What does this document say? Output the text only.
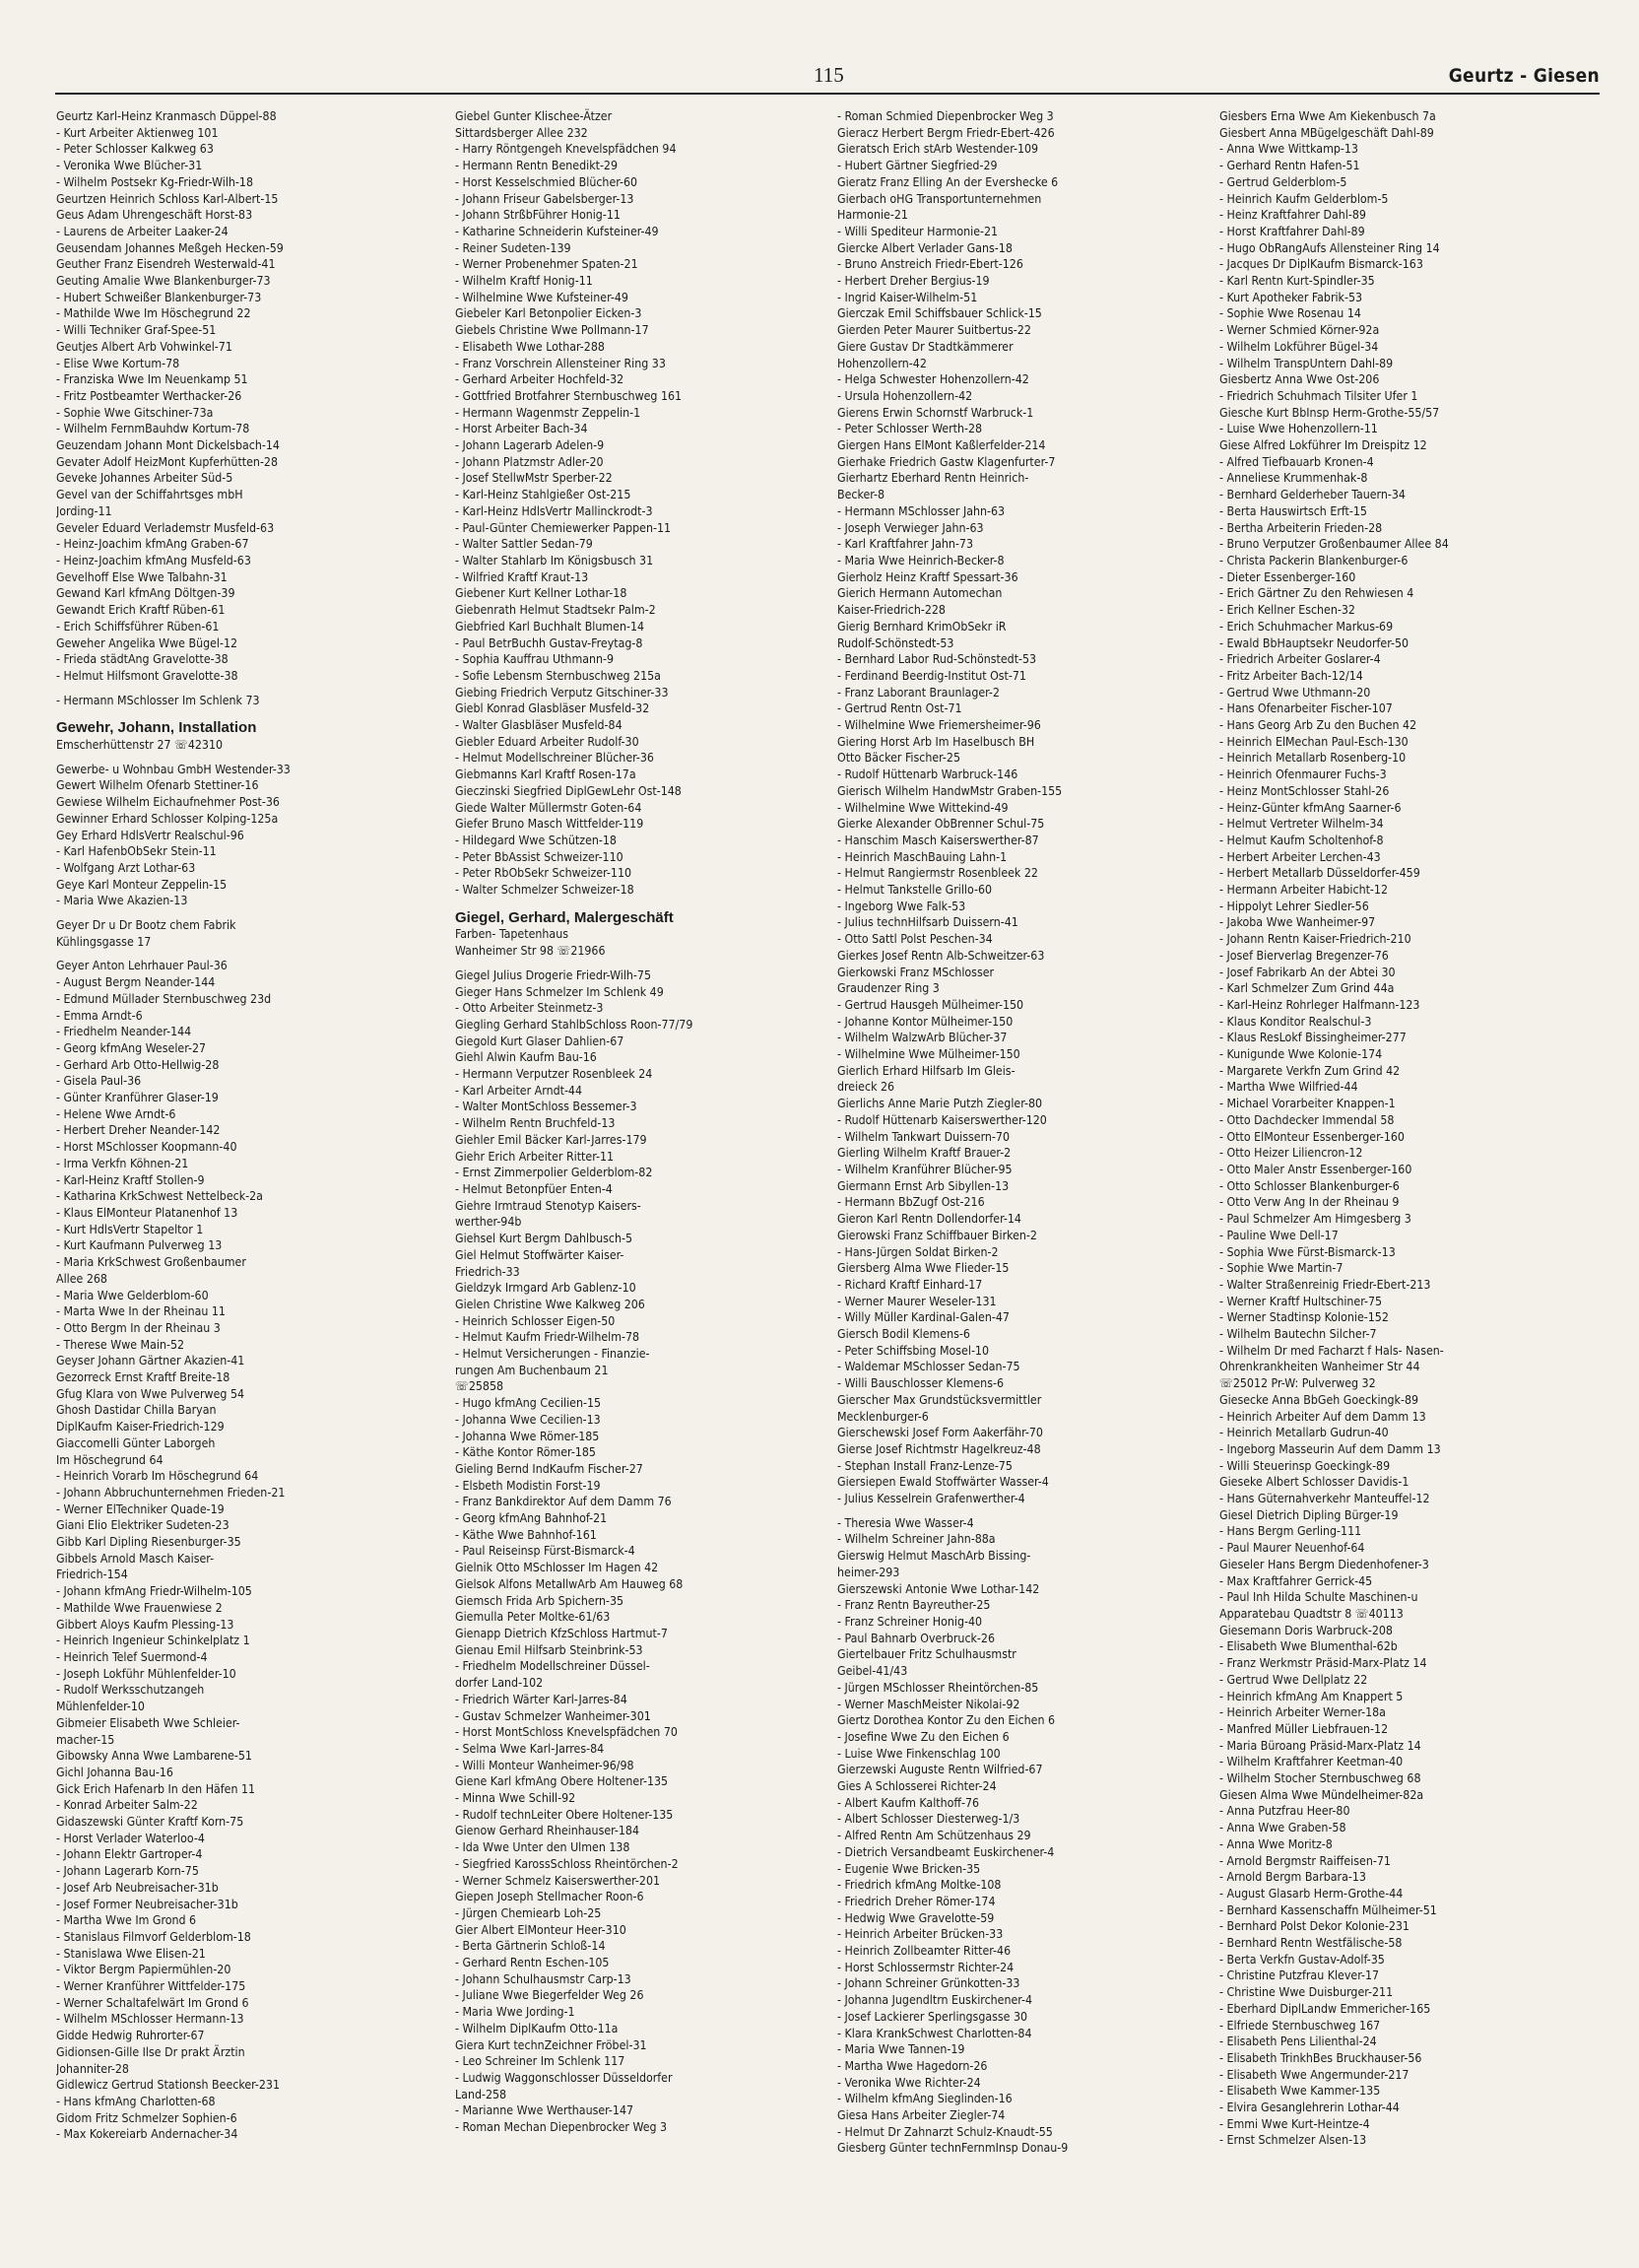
115	Geurtz - Giesen
Geurtz Karl-Heinz Kranmasch Düppel-88
- Kurt Arbeiter Aktienweg 101
- Peter Schlosser Kalkweg 63
- Veronika Wwe Blücher-31
- Wilhelm Postsekr Kg-Friedr-Wilh-18
Geurtzen Heinrich Schloss Karl-Albert-15
Geus Adam Uhrengeschäft Horst-83
- Laurens de Arbeiter Laaker-24
Geusendam Johannes Meßgeh Hecken-59
Geuther Franz Eisendreh Westerwald-41
Geuting Amalie Wwe Blankenburger-73
- Hubert Schweißer Blankenburger-73
- Mathilde Wwe Im Höschegrund 22
- Willi Techniker Graf-Spee-51
Geutjes Albert Arb Vohwinkel-71
- Elise Wwe Kortum-78
- Franziska Wwe Im Neuenkamp 51
- Fritz Postbeamter Werthacker-26
- Sophie Wwe Gitschiner-73a
- Wilhelm FernmBauhdw Kortum-78
Geuzendam Johann Mont Dickelsbach-14
Gevater Adolf HeizMont Kupferhütten-28
Geveke Johannes Arbeiter Süd-5
Gevel van der Schiffahrtsges mbH
Jording-11
Geveler Eduard Verlademstr Musfeld-63
- Heinz-Joachim kfmAng Graben-67
- Heinz-Joachim kfmAng Musfeld-63
Gevelhoff Else Wwe Talbahn-31
Gewand Karl kfmAng Döltgen-39
Gewandt Erich Kraftf Rüben-61
- Erich Schiffsführer Rüben-61
Geweher Angelika Wwe Bügel-12
- Frieda städtAng Gravelotte-38
- Helmut Hilfsmont Gravelotte-38
- Hermann MSchlosser Im Schlenk 73
Gewehr, Johann, Installation
Emscherhüttenstr 27 ☏42310
Gewerbe- u Wohnbau GmbH Westender-33
Gewert Wilhelm Ofenarb Stettiner-16
Gewiese Wilhelm Eichaufnehmer Post-36
Gewinner Erhard Schlosser Kolping-125a
Gey Erhard HdlsVertr Realschul-96
- Karl HafenbObSekr Stein-11
- Wolfgang Arzt Lothar-63
Geye Karl Monteur Zeppelin-15
- Maria Wwe Akazien-13
Geyer Dr u Dr Bootz chem Fabrik
Kühlingsgasse 17
Geyer Anton Lehrhauer Paul-36
- August Bergm Neander-144
- Edmund Müllader Sternbuschweg 23d
- Emma Arndt-6
- Friedhelm Neander-144
- Georg kfmAng Weseler-27
- Gerhard Arb Otto-Hellwig-28
- Gisela Paul-36
- Günter Kranführer Glaser-19
- Helene Wwe Arndt-6
- Herbert Dreher Neander-142
- Horst MSchlosser Koopmann-40
- Irma Verkfn Köhnen-21
- Karl-Heinz Kraftf Stollen-9
- Katharina KrkSchwest Nettelbeck-2a
- Klaus ElMonteur Platanenhof 13
- Kurt HdlsVertr Stapeltor 1
- Kurt Kaufmann Pulverweg 13
- Maria KrkSchwest Großenbaumer
Allee 268
- Maria Wwe Gelderblom-60
- Marta Wwe In der Rheinau 11
- Otto Bergm In der Rheinau 3
- Therese Wwe Main-52
Geyser Johann Gärtner Akazien-41
Gezorreck Ernst Kraftf Breite-18
Gfug Klara von Wwe Pulverweg 54
Ghosh Dastidar Chilla Baryan
DiplKaufm Kaiser-Friedrich-129
Giaccomelli Günter Laborgeh
Im Höschegrund 64
- Heinrich Vorarb Im Höschegrund 64
- Johann Abbruchunternehmen Frieden-21
- Werner ElTechniker Quade-19
Giani Elio Elektriker Sudeten-23
Gibb Karl Dipling Riesenburger-35
Gibbels Arnold Masch Kaiser-
Friedrich-154
- Johann kfmAng Friedr-Wilhelm-105
- Mathilde Wwe Frauenwiese 2
Gibbert Aloys Kaufm Plessing-13
- Heinrich Ingenieur Schinkelplatz 1
- Heinrich Telef Suermond-4
- Joseph Lokführ Mühlenfelder-10
- Rudolf Werksschutzangeh
Mühlenfelder-10
Gibmeier Elisabeth Wwe Schleier-
macher-15
Gibowsky Anna Wwe Lambarene-51
Gichl Johanna Bau-16
Gick Erich Hafenarb In den Häfen 11
- Konrad Arbeiter Salm-22
Gidaszewski Günter Kraftf Korn-75
- Horst Verlader Waterloo-4
- Johann Elektr Gartroper-4
- Johann Lagerarb Korn-75
- Josef Arb Neubreisacher-31b
- Josef Former Neubreisacher-31b
- Martha Wwe Im Grond 6
- Stanislaus Filmvorf Gelderblom-18
- Stanislawa Wwe Elisen-21
- Viktor Bergm Papiermühlen-20
- Werner Kranführer Wittfelder-175
- Werner Schaltafelwärt Im Grond 6
- Wilhelm MSchlosser Hermann-13
Gidde Hedwig Ruhrorter-67
Gidionsen-Gille Ilse Dr prakt Ärztin
Johanniter-28
Gidlewicz Gertrud Stationsh Beecker-231
- Hans kfmAng Charlotten-68
Gidom Fritz Schmelzer Sophien-6
- Max Kokereiarb Andernacher-34
Giebel Gunter Klischee-Ätzer
Sittardsberger Allee 232
- Harry Röntgengeh Knevelspfädchen 94
- Hermann Rentn Benedikt-29
- Horst Kesselschmied Blücher-60
- Johann Friseur Gabelsberger-13
- Johann StrßbFührer Honig-11
- Katharine Schneiderin Kufsteiner-49
- Reiner Sudeten-139
- Werner Probenehmer Spaten-21
- Wilhelm Kraftf Honig-11
- Wilhelmine Wwe Kufsteiner-49
Giebeler Karl Betonpolier Eicken-3
Giebels Christine Wwe Pollmann-17
- Elisabeth Wwe Lothar-288
- Franz Vorschrein Allensteiner Ring 33
- Gerhard Arbeiter Hochfeld-32
- Gottfried Brotfahrer Sternbuschweg 161
- Hermann Wagenmstr Zeppelin-1
- Horst Arbeiter Bach-34
- Johann Lagerarb Adelen-9
- Johann Platzmstr Adler-20
- Josef StellwMstr Sperber-22
- Karl-Heinz Stahlgießer Ost-215
- Karl-Heinz HdlsVertr Mallinckrodt-3
- Paul-Günter Chemiewerker Pappen-11
- Walter Sattler Sedan-79
- Walter Stahlarb Im Königsbusch 31
- Wilfried Kraftf Kraut-13
Giebener Kurt Kellner Lothar-18
Giebenrath Helmut Stadtsekr Palm-2
Giebfried Karl Buchhalt Blumen-14
- Paul BetrBuchh Gustav-Freytag-8
- Sophia Kauffrau Uthmann-9
- Sofie Lebensm Sternbuschweg 215a
Giebing Friedrich Verputz Gitschiner-33
Giebl Konrad Glasbläser Musfeld-32
- Walter Glasbläser Musfeld-84
Giebler Eduard Arbeiter Rudolf-30
- Helmut Modellschreiner Blücher-36
Giebmanns Karl Kraftf Rosen-17a
Gieczinski Siegfried DiplGewLehr Ost-148
Giede Walter Müllermstr Goten-64
Giefer Bruno Masch Wittfelder-119
- Hildegard Wwe Schützen-18
- Peter BbAssist Schweizer-110
- Peter RbObSekr Schweizer-110
- Walter Schmelzer Schweizer-18
Giegel, Gerhard, Malergeschäft
Farben- Tapetenhaus
Wanheimer Str 98 ☏21966
Giegel Julius Drogerie Friedr-Wilh-75
Gieger Hans Schmelzer Im Schlenk 49
- Otto Arbeiter Steinmetz-3
Giegling Gerhard StahlbSchloss Roon-77/79
Giegold Kurt Glaser Dahlien-67
Giehl Alwin Kaufm Bau-16
- Hermann Verputzer Rosenbleek 24
- Karl Arbeiter Arndt-44
- Walter MontSchloss Bessemer-3
- Wilhelm Rentn Bruchfeld-13
Giehler Emil Bäcker Karl-Jarres-179
Giehr Erich Arbeiter Ritter-11
- Ernst Zimmerpolier Gelderblom-82
- Helmut Betonpfüer Enten-4
Giehre Irmtraud Stenotyp Kaisers-
werther-94b
Giehsel Kurt Bergm Dahlbusch-5
Giel Helmut Stoffwärter Kaiser-
Friedrich-33
Gieldzyk Irmgard Arb Gablenz-10
Gielen Christine Wwe Kalkweg 206
- Heinrich Schlosser Eigen-50
- Helmut Kaufm Friedr-Wilhelm-78
- Helmut Versicherungen - Finanzie-
rungen Am Buchenbaum 21
☏25858
- Hugo kfmAng Cecilien-15
- Johanna Wwe Cecilien-13
- Johanna Wwe Römer-185
- Käthe Kontor Römer-185
Gieling Bernd IndKaufm Fischer-27
- Elsbeth Modistin Forst-19
- Franz Bankdirektor Auf dem Damm 76
- Georg kfmAng Bahnhof-21
- Käthe Wwe Bahnhof-161
- Paul Reiseinsp Fürst-Bismarck-4
Gielnik Otto MSchlosser Im Hagen 42
Gielsok Alfons MetallwArb Am Hauweg 68
Giemsch Frida Arb Spichern-35
Giemulla Peter Moltke-61/63
Gienapp Dietrich KfzSchloss Hartmut-7
Gienau Emil Hilfsarb Steinbrink-53
- Friedhelm Modellschreiner Düssel-
dorfer Land-102
- Friedrich Wärter Karl-Jarres-84
- Gustav Schmelzer Wanheimer-301
- Horst MontSchloss Knevelspfädchen 70
- Selma Wwe Karl-Jarres-84
- Willi Monteur Wanheimer-96/98
Giene Karl kfmAng Obere Holtener-135
- Minna Wwe Schill-92
- Rudolf technLeiter Obere Holtener-135
Gienow Gerhard Rheinhauser-184
- Ida Wwe Unter den Ulmen 138
- Siegfried KarossSchloss Rheintörchen-2
- Werner Schmelz Kaiserswerther-201
Giepen Joseph Stellmacher Roon-6
- Jürgen Chemiearb Loh-25
Gier Albert ElMonteur Heer-310
- Berta Gärtnerin Schloß-14
- Gerhard Rentn Eschen-105
- Johann Schulhausmstr Carp-13
- Juliane Wwe Biegerfelder Weg 26
- Maria Wwe Jording-1
- Wilhelm DiplKaufm Otto-11a
Giera Kurt technZeichner Fröbel-31
- Leo Schreiner Im Schlenk 117
- Ludwig Waggonschlosser Düsseldorfer
Land-258
- Marianne Wwe Werthauser-147
- Roman Mechan Diepenbrocker Weg 3
- Roman Schmied Diepenbrocker Weg 3
Gieracz Herbert Bergm Friedr-Ebert-426
Gieratsch Erich stArb Westender-109
- Hubert Gärtner Siegfried-29
Gieratz Franz Elling An der Evershecke 6
Gierbach oHG Transportunternehmen
Harmonie-21
- Willi Spediteur Harmonie-21
Giercke Albert Verlader Gans-18
- Bruno Anstreich Friedr-Ebert-126
- Herbert Dreher Bergius-19
- Ingrid Kaiser-Wilhelm-51
Gierczak Emil Schiffsbauer Schlick-15
Gierden Peter Maurer Suitbertus-22
Giere Gustav Dr Stadtkämmerer
Hohenzollern-42
- Helga Schwester Hohenzollern-42
- Ursula Hohenzollern-42
Gierens Erwin Schornstf Warbruck-1
- Peter Schlosser Werth-28
Giergen Hans ElMont Kaßlerfelder-214
Gierhake Friedrich Gastw Klagenfurter-7
Gierhartz Eberhard Rentn Heinrich-
Becker-8
- Hermann MSchlosser Jahn-63
- Joseph Verwieger Jahn-63
- Karl Kraftfahrer Jahn-73
- Maria Wwe Heinrich-Becker-8
Gierholz Heinz Kraftf Spessart-36
Gierich Hermann Automechan
Kaiser-Friedrich-228
Gierig Bernhard KrimObSekr iR
Rudolf-Schönstedt-53
- Bernhard Labor Rud-Schönstedt-53
- Ferdinand Beerdig-Institut Ost-71
- Franz Laborant Braunlager-2
- Gertrud Rentn Ost-71
- Wilhelmine Wwe Friemersheimer-96
Giering Horst Arb Im Haselbusch BH
Otto Bäcker Fischer-25
- Rudolf Hüttenarb Warbruck-146
Gierisch Wilhelm HandwMstr Graben-155
- Wilhelmine Wwe Wittekind-49
Gierke Alexander ObBrenner Schul-75
- Hanschim Masch Kaiserswerther-87
- Heinrich MaschBauing Lahn-1
- Helmut Rangiermstr Rosenbleek 22
- Helmut Tankstelle Grillo-60
- Ingeborg Wwe Falk-53
- Julius technHilfsarb Duissern-41
- Otto Sattl Polst Peschen-34
Gierkes Josef Rentn Alb-Schweitzer-63
Gierkowski Franz MSchlosser
Graudenzer Ring 3
- Gertrud Hausgeh Mülheimer-150
- Johanne Kontor Mülheimer-150
- Wilhelm WalzwArb Blücher-37
- Wilhelmine Wwe Mülheimer-150
Gierlich Erhard Hilfsarb Im Gleis-
dreieck 26
Gierlichs Anne Marie Putzh Ziegler-80
- Rudolf Hüttenarb Kaiserswerther-120
- Wilhelm Tankwart Duissern-70
Gierling Wilhelm Kraftf Brauer-2
- Wilhelm Kranführer Blücher-95
Giermann Ernst Arb Sibyllen-13
- Hermann BbZugf Ost-216
Gieron Karl Rentn Dollendorfer-14
Gierowski Franz Schiffbauer Birken-2
- Hans-Jürgen Soldat Birken-2
Giersberg Alma Wwe Flieder-15
- Richard Kraftf Einhard-17
- Werner Maurer Weseler-131
- Willy Müller Kardinal-Galen-47
Giersch Bodil Klemens-6
- Peter Schiffsbing Mosel-10
- Waldemar MSchlosser Sedan-75
- Willi Bauschlosser Klemens-6
Gierscher Max Grundstücksvermittler
Mecklenburger-6
Gierschewski Josef Form Aakerfähr-70
Gierse Josef Richtmstr Hagelkreuz-48
- Stephan Install Franz-Lenze-75
Giersiepen Ewald Stoffwärter Wasser-4
- Julius Kesselrein Grafenwerther-4
- Theresia Wwe Wasser-4
- Wilhelm Schreiner Jahn-88a
Gierswig Helmut MaschArb Bissing-
heimer-293
Gierszewski Antonie Wwe Lothar-142
- Franz Rentn Bayreuther-25
- Franz Schreiner Honig-40
- Paul Bahnarb Overbruck-26
Giertelbauer Fritz Schulhausmstr
Geibel-41/43
- Jürgen MSchlosser Rheintörchen-85
- Werner MaschMeister Nikolai-92
Giertz Dorothea Kontor Zu den Eichen 6
- Josefine Wwe Zu den Eichen 6
- Luise Wwe Finkenschlag 100
Gierzewski Auguste Rentn Wilfried-67
Gies A Schlosserei Richter-24
- Albert Kaufm Kalthoff-76
- Albert Schlosser Diesterweg-1/3
- Alfred Rentn Am Schützenhaus 29
- Dietrich Versandbeamt Euskirchener-4
- Eugenie Wwe Bricken-35
- Friedrich kfmAng Moltke-108
- Friedrich Dreher Römer-174
- Hedwig Wwe Gravelotte-59
- Heinrich Arbeiter Brücken-33
- Heinrich Zollbeamter Ritter-46
- Horst Schlossermstr Richter-24
- Johann Schreiner Grünkotten-33
- Johanna Jugendltrn Euskirchener-4
- Josef Lackierer Sperlingsgasse 30
- Klara KrankSchwest Charlotten-84
- Maria Wwe Tannen-19
- Martha Wwe Hagedorn-26
- Veronika Wwe Richter-24
- Wilhelm kfmAng Sieglinden-16
Giesa Hans Arbeiter Ziegler-74
- Helmut Dr Zahnarzt Schulz-Knaudt-55
Giesberg Günter technFernmInsp Donau-9
Giesbers Erna Wwe Am Kiekenbusch 7a
Giesbert Anna MBügelgeschäft Dahl-89
- Anna Wwe Wittkamp-13
- Gerhard Rentn Hafen-51
- Gertrud Gelderblom-5
- Heinrich Kaufm Gelderblom-5
- Heinz Kraftfahrer Dahl-89
- Horst Kraftfahrer Dahl-89
- Hugo ObRangAufs Allensteiner Ring 14
- Jacques Dr DiplKaufm Bismarck-163
- Karl Rentn Kurt-Spindler-35
- Kurt Apotheker Fabrik-53
- Sophie Wwe Rosenau 14
- Werner Schmied Körner-92a
- Wilhelm Lokführer Bügel-34
- Wilhelm TranspUntern Dahl-89
Giesbertz Anna Wwe Ost-206
- Friedrich Schuhmach Tilsiter Ufer 1
Giesche Kurt BbInsp Herm-Grothe-55/57
- Luise Wwe Hohenzollern-11
Giese Alfred Lokführer Im Dreispitz 12
- Alfred Tiefbauarb Kronen-4
- Anneliese Krummenhak-8
- Bernhard Gelderheber Tauern-34
- Berta Hauswirtsch Erft-15
- Bertha Arbeiterin Frieden-28
- Bruno Verputzer Großenbaumer Allee 84
- Christa Packerin Blankenburger-6
- Dieter Essenberger-160
- Erich Gärtner Zu den Rehwiesen 4
- Erich Kellner Eschen-32
- Erich Schuhmacher Markus-69
- Ewald BbHauptsekr Neudorfer-50
- Friedrich Arbeiter Goslarer-4
- Fritz Arbeiter Bach-12/14
- Gertrud Wwe Uthmann-20
- Hans Ofenarbeiter Fischer-107
- Hans Georg Arb Zu den Buchen 42
- Heinrich ElMechan Paul-Esch-130
- Heinrich Metallarb Rosenberg-10
- Heinrich Ofenmaurer Fuchs-3
- Heinz MontSchlosser Stahl-26
- Heinz-Günter kfmAng Saarner-6
- Helmut Vertreter Wilhelm-34
- Helmut Kaufm Scholtenhof-8
- Herbert Arbeiter Lerchen-43
- Herbert Metallarb Düsseldorfer-459
- Hermann Arbeiter Habicht-12
- Hippolyt Lehrer Siedler-56
- Jakoba Wwe Wanheimer-97
- Johann Rentn Kaiser-Friedrich-210
- Josef Bierverlag Bregenzer-76
- Josef Fabrikarb An der Abtei 30
- Karl Schmelzer Zum Grind 44a
- Karl-Heinz Rohrleger Halfmann-123
- Klaus Konditor Realschul-3
- Klaus ResLokf Bissingheimer-277
- Kunigunde Wwe Kolonie-174
- Margarete Verkfn Zum Grind 42
- Martha Wwe Wilfried-44
- Michael Vorarbeiter Knappen-1
- Otto Dachdecker Immendal 58
- Otto ElMonteur Essenberger-160
- Otto Heizer Liliencron-12
- Otto Maler Anstr Essenberger-160
- Otto Schlosser Blankenburger-6
- Otto Verw Ang In der Rheinau 9
- Paul Schmelzer Am Himgesberg 3
- Pauline Wwe Dell-17
- Sophia Wwe Fürst-Bismarck-13
- Sophie Wwe Martin-7
- Walter Straßenreinig Friedr-Ebert-213
- Werner Kraftf Hultschiner-75
- Werner Stadtinsp Kolonie-152
- Wilhelm Bautechn Silcher-7
- Wilhelm Dr med Facharzt f Hals- Nasen-
Ohrenkrankheiten Wanheimer Str 44
☏25012 Pr-W: Pulverweg 32
Giesecke Anna BbGeh Goeckingk-89
- Heinrich Arbeiter Auf dem Damm 13
- Heinrich Metallarb Gudrun-40
- Ingeborg Masseurin Auf dem Damm 13
- Willi Steuerinsp Goeckingk-89
Gieseke Albert Schlosser Davidis-1
- Hans Güternahverkehr Manteuffel-12
Giesel Dietrich Dipling Bürger-19
- Hans Bergm Gerling-111
- Paul Maurer Neuenhof-64
Gieseler Hans Bergm Diedenhofener-3
- Max Kraftfahrer Gerrick-45
- Paul Inh Hilda Schulte Maschinen-u
Apparatebau Quadtstr 8 ☏40113
Giesemann Doris Warbruck-208
- Elisabeth Wwe Blumenthal-62b
- Franz Werkmstr Präsid-Marx-Platz 14
- Gertrud Wwe Dellplatz 22
- Heinrich kfmAng Am Knappert 5
- Heinrich Arbeiter Werner-18a
- Manfred Müller Liebfrauen-12
- Maria Büroang Präsid-Marx-Platz 14
- Wilhelm Kraftfahrer Keetman-40
- Wilhelm Stocher Sternbuschweg 68
Giesen Alma Wwe Mündelheimer-82a
- Anna Putzfrau Heer-80
- Anna Wwe Graben-58
- Anna Wwe Moritz-8
- Arnold Bergmstr Raiffeisen-71
- Arnold Bergm Barbara-13
- August Glasarb Herm-Grothe-44
- Bernhard Kassenschaffn Mülheimer-51
- Bernhard Polst Dekor Kolonie-231
- Bernhard Rentn Westfälische-58
- Berta Verkfn Gustav-Adolf-35
- Christine Putzfrau Klever-17
- Christine Wwe Duisburger-211
- Eberhard DiplLandw Emmericher-165
- Elfriede Sternbuschweg 167
- Elisabeth Pens Lilienthal-24
- Elisabeth TrinkhBes Bruckhauser-56
- Elisabeth Wwe Angermunder-217
- Elisabeth Wwe Kammer-135
- Elvira Gesanglehrerin Lothar-44
- Emmi Wwe Kurt-Heintze-4
- Ernst Schmelzer Alsen-13
